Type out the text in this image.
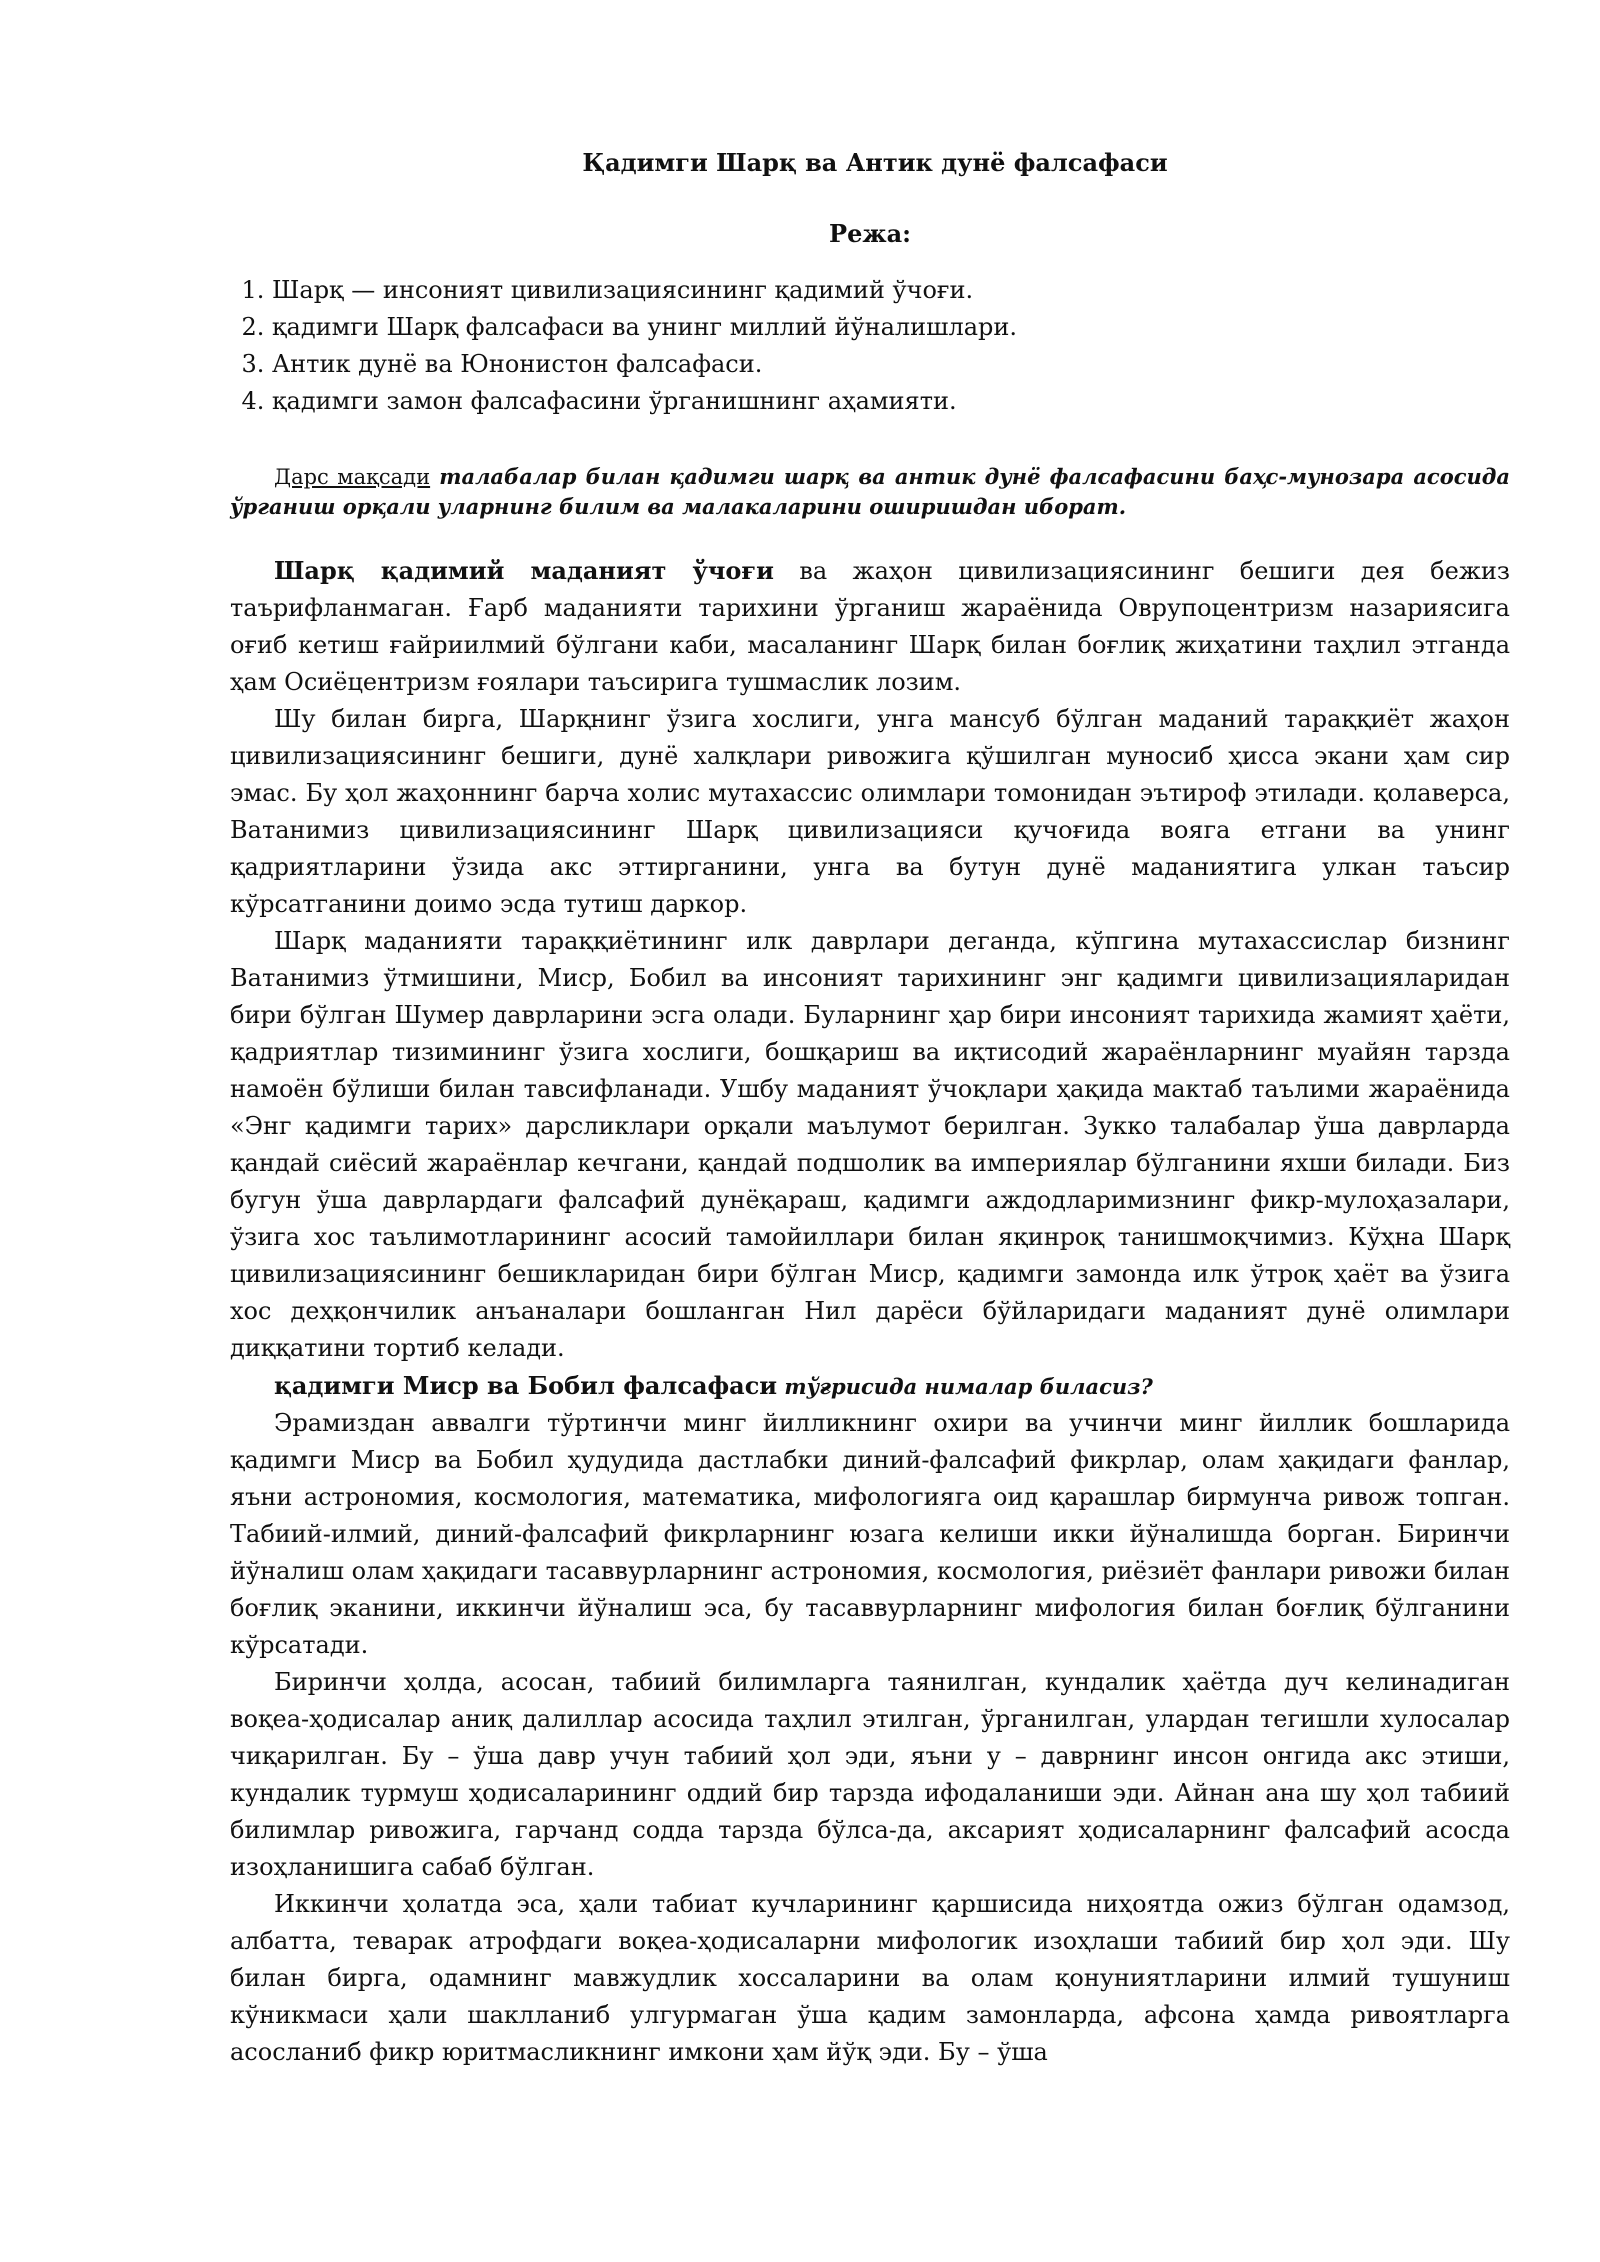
Қадимги Шарқ ва Антик дунё фалсафаси
Режа:
1. Шарқ — инсоният цивилизациясининг қадимий ўчоғи.
2. қадимги Шарқ фалсафаси ва унинг миллий йўналишлари.
3. Антик дунё ва Юнонистон фалсафаси.
4. қадимги замон фалсафасини ўрганишнинг аҳамияти.

Дарс мақсади талабалар билан қадимги шарқ ва антик дунё фалсафасини баҳс-мунозара асосида ўрганиш орқали уларнинг билим ва малакаларини оширишдан иборат.

Шарқ қадимий маданият ўчоғи ва жаҳон цивилизациясининг бешиги дея бежиз таърифланмаган. Ғарб маданияти тарихини ўрганиш жараёнида Оврупоцентризм назариясига оғиб кетиш ғайриилмий бўлгани каби, масаланинг Шарқ билан боғлиқ жиҳатини таҳлил этганда ҳам Осиёцентризм ғоялари таъсирига тушмаслик лозим.

Шу билан бирга, Шарқнинг ўзига хослиги, унга мансуб бўлган маданий тараққиёт жаҳон цивилизациясининг бешиги, дунё халқлари ривожига қўшилган муносиб ҳисса экани ҳам сир эмас. Бу ҳол жаҳоннинг барча холис мутахассис олимлари томонидан эътироф этилади. қолаверса, Ватанимиз цивилизациясининг Шарқ цивилизацияси қучоғида вояга етгани ва унинг қадриятларини ўзида акс эттирганини, унга ва бутун дунё маданиятига улкан таъсир кўрсатганини доимо эсда тутиш даркор.

Шарқ маданияти тараққиётининг илк даврлари деганда, кўпгина мутахассислар бизнинг Ватанимиз ўтмишини, Миср, Бобил ва инсоният тарихининг энг қадимги цивилизацияларидан бири бўлган Шумер даврларини эсга олади. Буларнинг ҳар бири инсоният тарихида жамият ҳаёти, қадриятлар тизимининг ўзига хослиги, бошқариш ва иқтисодий жараёнларнинг муайян тарзда намоён бўлиши билан тавсифланади. Ушбу маданият ўчоқлари ҳақида мактаб таълими жараёнида «Энг қадимги тарих» дарсликлари орқали маълумот берилган. Зукко талабалар ўша даврларда қандай сиёсий жараёнлар кечгани, қандай подшолик ва империялар бўлганини яхши билади. Биз бугун ўша даврлардаги фалсафий дунёқараш, қадимги аждодларимизнинг фикр-мулоҳазалари, ўзига хос таълимотларининг асосий тамойиллари билан яқинроқ танишмоқчимиз. Кўҳна Шарқ цивилизациясининг бешикларидан бири бўлган Миср, қадимги замонда илк ўтроқ ҳаёт ва ўзига хос деҳқончилик анъаналари бошланган Нил дарёси бўйларидаги маданият дунё олимлари диққатини тортиб келади.

қадимги Миср ва Бобил фалсафаси тўғрисида нималар биласиз?

Эрамиздан аввалги тўртинчи минг йилликнинг охири ва учинчи минг йиллик бошларида қадимги Миср ва Бобил ҳудудида дастлабки диний-фалсафий фикрлар, олам ҳақидаги фанлар, яъни астрономия, космология, математика, мифологияга оид қарашлар бирмунча ривож топган. Табиий-илмий, диний-фалсафий фикрларнинг юзага келиши икки йўналишда борган. Биринчи йўналиш олам ҳақидаги тасаввурларнинг астрономия, космология, риёзиёт фанлари ривожи билан боғлиқ эканини, иккинчи йўналиш эса, бу тасаввурларнинг мифология билан боғлиқ бўлганини кўрсатади.

Биринчи ҳолда, асосан, табиий билимларга таянилган, кундалик ҳаётда дуч келинадиган воқеа-ҳодисалар аниқ далиллар асосида таҳлил этилган, ўрганилган, улардан тегишли хулосалар чиқарилган. Бу – ўша давр учун табиий ҳол эди, яъни у – даврнинг инсон онгида акс этиши, кундалик турмуш ҳодисаларининг оддий бир тарзда ифодаланиши эди. Айнан ана шу ҳол табиий билимлар ривожига, гарчанд содда тарзда бўлса-да, аксарият ҳодисаларнинг фалсафий асосда изоҳланишига сабаб бўлган.

Иккинчи ҳолатда эса, ҳали табиат кучларининг қаршисида ниҳоятда ожиз бўлган одамзод, албатта, теварак атрофдаги воқеа-ҳодисаларни мифологик изоҳлаши табиий бир ҳол эди. Шу билан бирга, одамнинг мавжудлик хоссаларини ва олам қонуниятларини илмий тушуниш кўникмаси ҳали шаклланиб улгурмаган ўша қадим замонларда, афсона ҳамда ривоятларга асосланиб фикр юритмасликнинг имкони ҳам йўқ эди. Бу – ўша
